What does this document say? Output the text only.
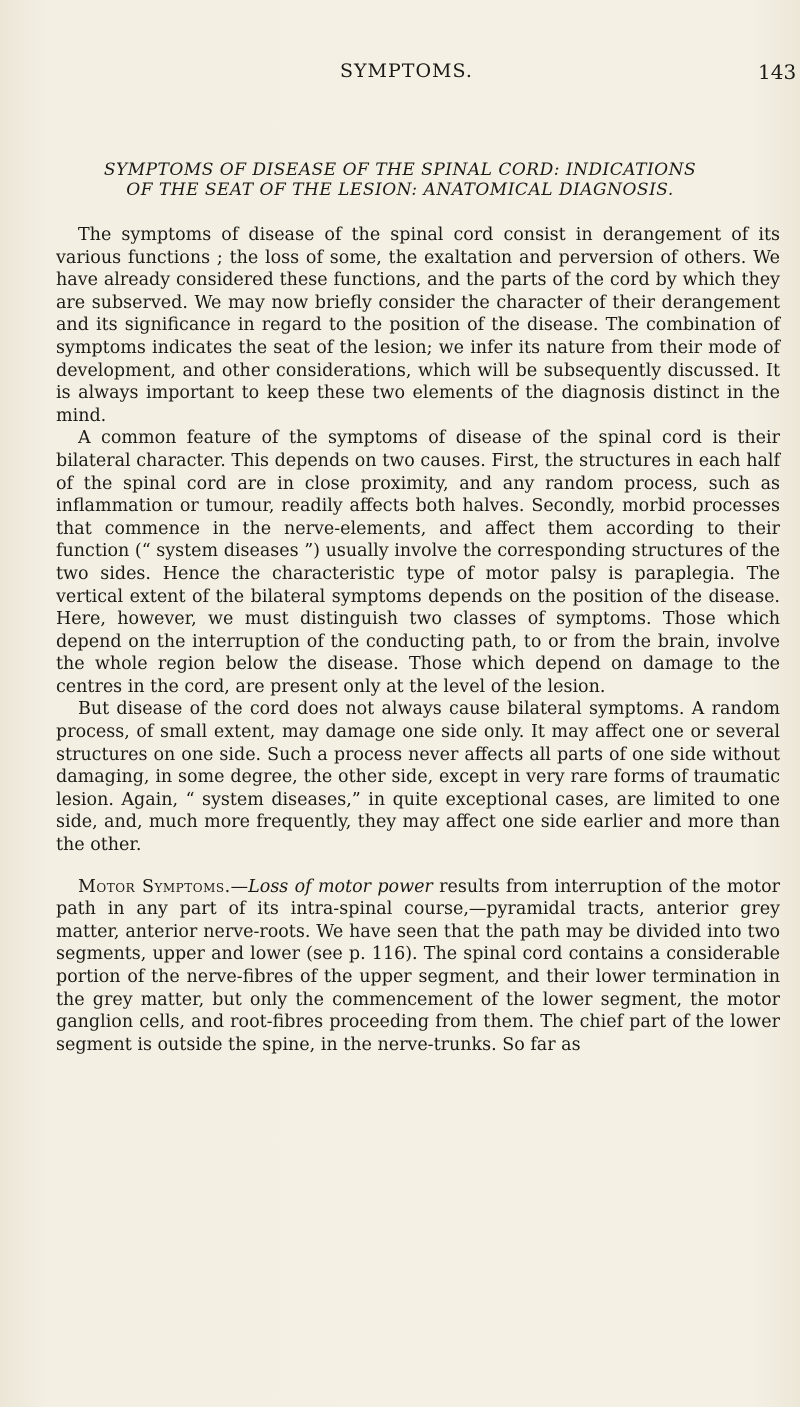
SYMPTOMS.	143
SYMPTOMS OF DISEASE OF THE SPINAL CORD: INDICATIONS
OF THE SEAT OF THE LESION: ANATOMICAL DIAGNOSIS.

The symptoms of disease of the spinal cord consist in derangement of its various functions ; the loss of some, the exaltation and perversion of others. We have already considered these functions, and the parts of the cord by which they are subserved. We may now briefly consider the character of their derangement and its significance in regard to the position of the disease. The combination of symptoms indicates the seat of the lesion; we infer its nature from their mode of development, and other considerations, which will be subsequently discussed. It is always important to keep these two elements of the diagnosis distinct in the mind.

A common feature of the symptoms of disease of the spinal cord is their bilateral character. This depends on two causes. First, the structures in each half of the spinal cord are in close proximity, and any random process, such as inflammation or tumour, readily affects both halves. Secondly, morbid processes that commence in the nerve-elements, and affect them according to their function (“ system diseases ”) usually involve the corresponding structures of the two sides. Hence the characteristic type of motor palsy is paraplegia. The vertical extent of the bilateral symptoms depends on the position of the disease. Here, however, we must distinguish two classes of symptoms. Those which depend on the interruption of the conducting path, to or from the brain, involve the whole region below the disease. Those which depend on damage to the centres in the cord, are present only at the level of the lesion.

But disease of the cord does not always cause bilateral symptoms. A random process, of small extent, may damage one side only. It may affect one or several structures on one side. Such a process never affects all parts of one side without damaging, in some degree, the other side, except in very rare forms of traumatic lesion. Again, “ system diseases,” in quite exceptional cases, are limited to one side, and, much more frequently, they may affect one side earlier and more than the other.

Motor Symptoms.—Loss of motor power results from interruption of the motor path in any part of its intra-spinal course,—pyramidal tracts, anterior grey matter, anterior nerve-roots. We have seen that the path may be divided into two segments, upper and lower (see p. 116). The spinal cord contains a considerable portion of the nerve-fibres of the upper segment, and their lower termination in the grey matter, but only the commencement of the lower segment, the motor ganglion cells, and root-fibres proceeding from them. The chief part of the lower segment is outside the spine, in the nerve-trunks. So far as
